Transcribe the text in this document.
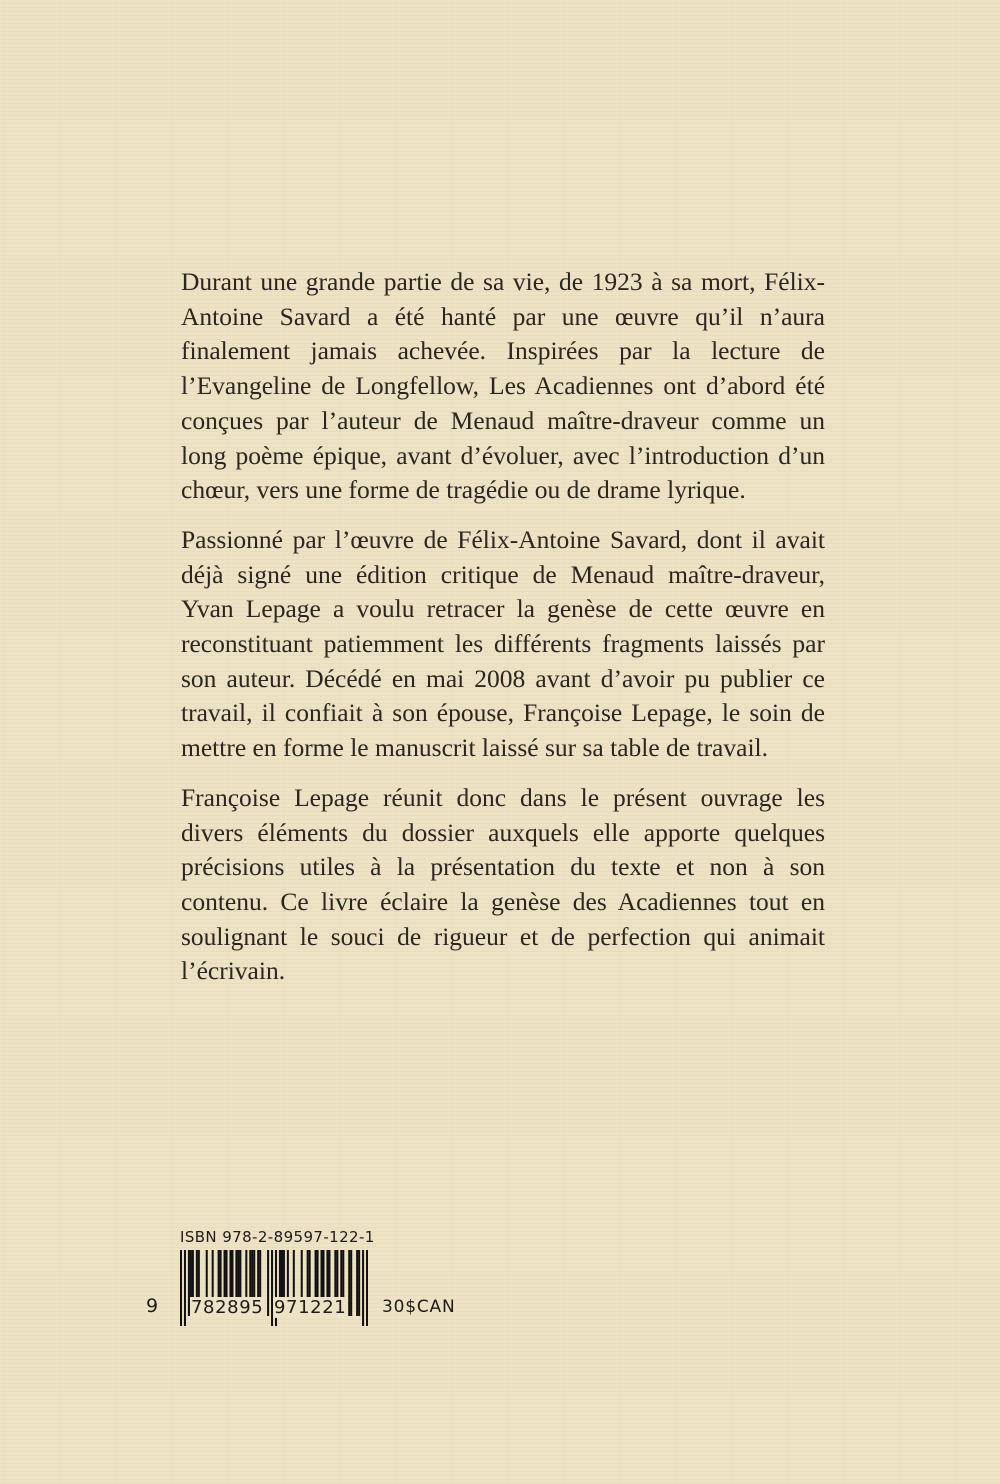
Durant une grande partie de sa vie, de 1923 à sa mort, Félix-Antoine Savard a été hanté par une œuvre qu’il n’aura finalement jamais achevée. Inspirées par la lecture de l’Evangeline de Longfellow, Les Acadiennes ont d’abord été conçues par l’auteur de Menaud maître-draveur comme un long poème épique, avant d’évoluer, avec l’introduction d’un chœur, vers une forme de tragédie ou de drame lyrique.

Passionné par l’œuvre de Félix-Antoine Savard, dont il avait déjà signé une édition critique de Menaud maître-draveur, Yvan Lepage a voulu retracer la genèse de cette œuvre en reconstituant patiemment les différents fragments laissés par son auteur. Décédé en mai 2008 avant d’avoir pu publier ce travail, il confiait à son épouse, Françoise Lepage, le soin de mettre en forme le manuscrit laissé sur sa table de travail.

Françoise Lepage réunit donc dans le présent ouvrage les divers éléments du dossier auxquels elle apporte quelques précisions utiles à la présentation du texte et non à son contenu. Ce livre éclaire la genèse des Acadiennes tout en soulignant le souci de rigueur et de perfection qui animait l’écrivain.

ISBN 978-2-89597-122-1
9 782895 971221 30$CAN
